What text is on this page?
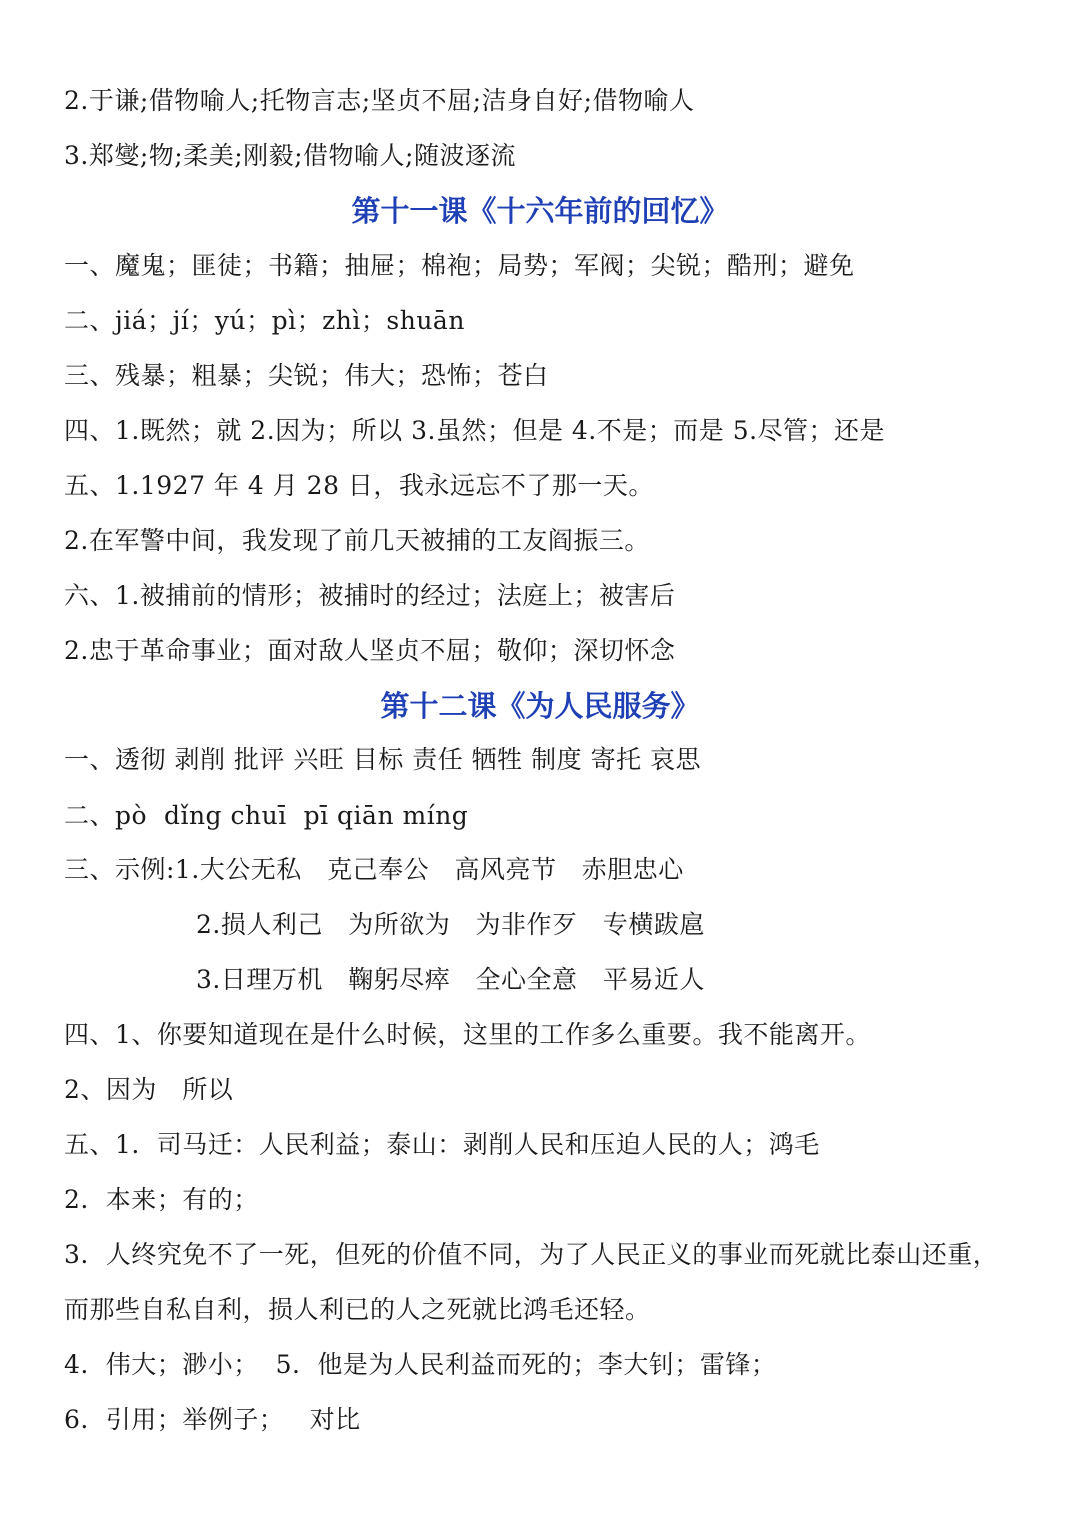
2.于谦;借物喻人;托物言志;坚贞不屈;洁身自好;借物喻人
3.郑燮;物;柔美;刚毅;借物喻人;随波逐流
第十一课《十六年前的回忆》
一、魔鬼；匪徒；书籍；抽屉；棉袍；局势；军阀；尖锐；酷刑；避免
二、jiá；jí；yú；pì；zhì；shuān
三、残暴；粗暴；尖锐；伟大；恐怖；苍白
四、1.既然；就 2.因为；所以 3.虽然；但是 4.不是；而是 5.尽管；还是
五、1.1927 年 4 月 28 日，我永远忘不了那一天。
2.在军警中间，我发现了前几天被捕的工友阎振三。
六、1.被捕前的情形；被捕时的经过；法庭上；被害后
2.忠于革命事业；面对敌人坚贞不屈；敬仰；深切怀念
第十二课《为人民服务》
一、透彻 剥削 批评 兴旺 目标 责任 牺牲 制度 寄托 哀思
二、pò  dǐng chuī  pī qiān míng
三、示例:1.大公无私   克己奉公   高风亮节   赤胆忠心
2.损人利己   为所欲为   为非作歹   专横跋扈
3.日理万机   鞠躬尽瘁   全心全意   平易近人
四、1、你要知道现在是什么时候，这里的工作多么重要。我不能离开。
2、因为   所以
五、1.  司马迁：人民利益；泰山：剥削人民和压迫人民的人；鸿毛
2.  本来；有的；
3.  人终究免不了一死，但死的价值不同，为了人民正义的事业而死就比泰山还重，
而那些自私自利，损人利已的人之死就比鸿毛还轻。
4.  伟大；渺小；  5.  他是为人民利益而死的；李大钊；雷锋；
6.  引用；举例子；   对比
